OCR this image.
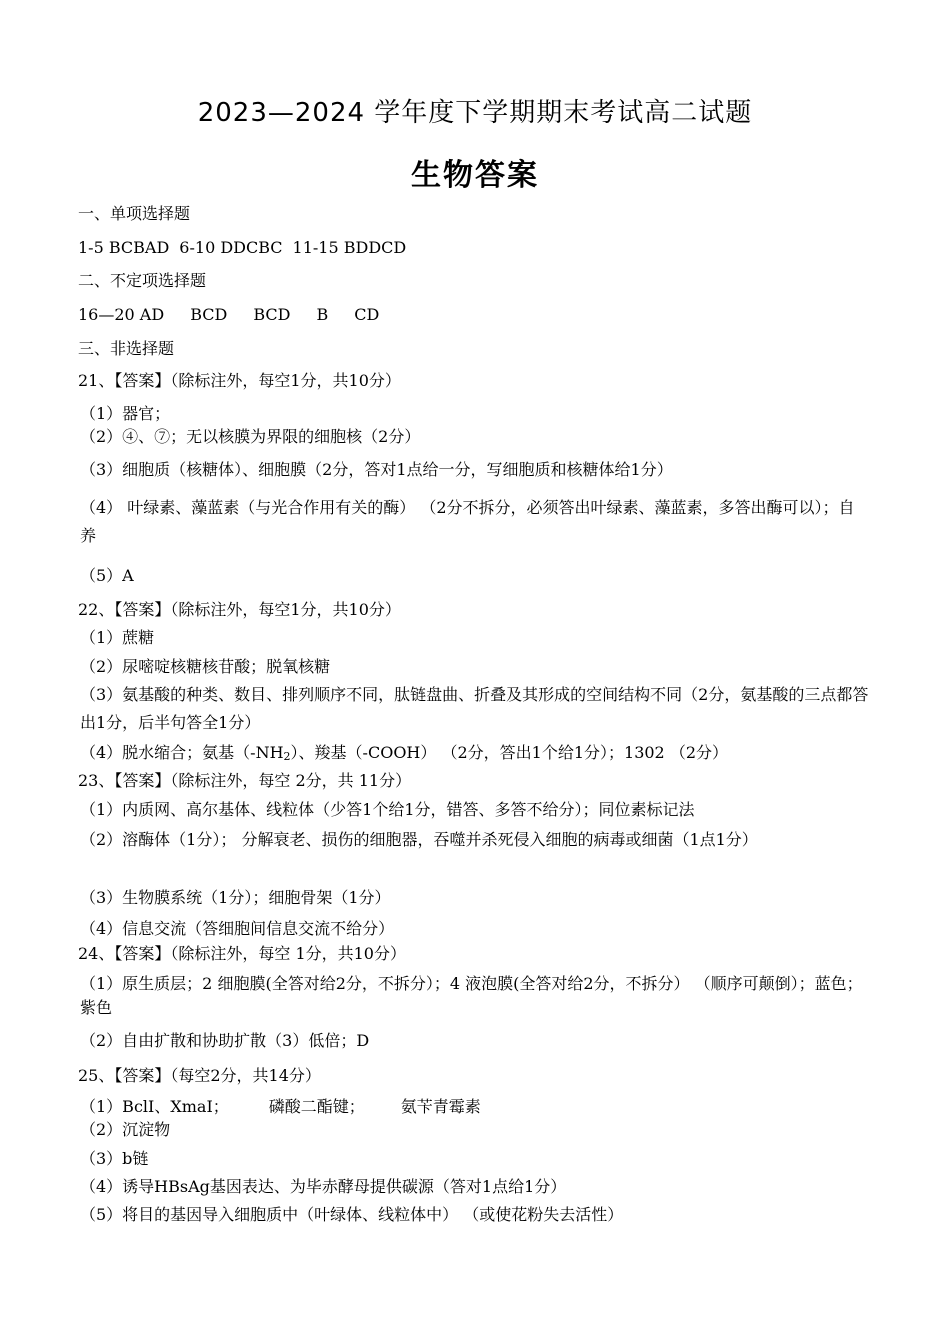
2023—2024 学年度下学期期末考试高二试题
生物答案
一、单项选择题
1-5 BCBAD 6-10 DDCBC 11-15 BDDCD
二、不定项选择题
16—20 AD BCD BCD B CD
三、非选择题
21、【答案】（除标注外，每空1分，共10分）
（1）器官；
（2）④、⑦；无以核膜为界限的细胞核（2分）
（3）细胞质（核糖体）、细胞膜（2分，答对1点给一分，写细胞质和核糖体给1分）
（4） 叶绿素、藻蓝素（与光合作用有关的酶） （2分不拆分，必须答出叶绿素、藻蓝素，多答出酶可以）；自养
（5）A
22、【答案】（除标注外，每空1分，共10分）
（1）蔗糖
（2）尿嘧啶核糖核苷酸；脱氧核糖
（3）氨基酸的种类、数目、排列顺序不同，肽链盘曲、折叠及其形成的空间结构不同（2分，氨基酸的三点都答出1分，后半句答全1分）
（4）脱水缩合；氨基（-NH2）、羧基（-COOH） （2分，答出1个给1分）；1302 （2分）
23、【答案】（除标注外，每空 2分，共 11分）
（1）内质网、高尔基体、线粒体（少答1个给1分，错答、多答不给分）；同位素标记法
（2）溶酶体（1分）； 分解衰老、损伤的细胞器，吞噬并杀死侵入细胞的病毒或细菌（1点1分）
（3）生物膜系统（1分）；细胞骨架（1分）
（4）信息交流（答细胞间信息交流不给分）
24、【答案】（除标注外，每空 1分，共10分）
（1）原生质层；2 细胞膜(全答对给2分，不拆分）；4 液泡膜(全答对给2分，不拆分） （顺序可颠倒）；蓝色；紫色
（2）自由扩散和协助扩散（3）低倍；D
25、【答案】（每空2分，共14分）
（1）BclⅠ、XmaⅠ；	磷酸二酯键； 氨苄青霉素
（2）沉淀物
（3）b链
（4）诱导HBsAg基因表达、为毕赤酵母提供碳源（答对1点给1分）
（5）将目的基因导入细胞质中（叶绿体、线粒体中） （或使花粉失去活性）
